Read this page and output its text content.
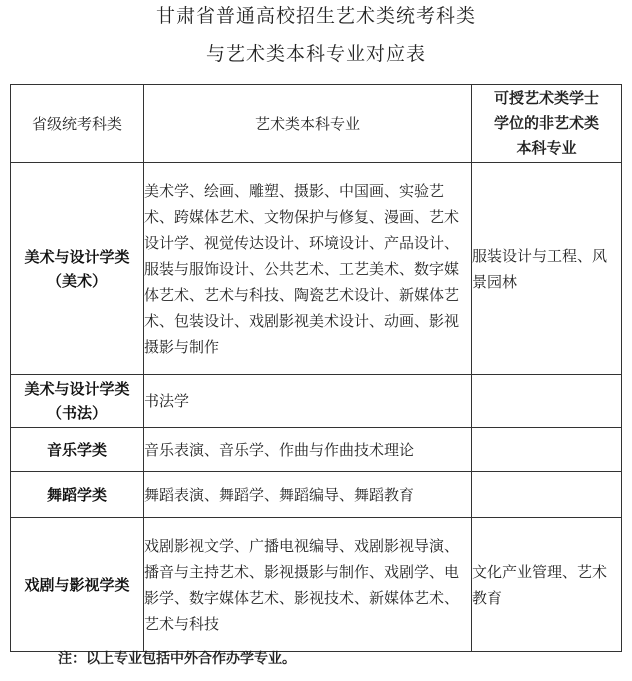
甘肃省普通高校招生艺术类统考科类
与艺术类本科专业对应表
省级统考科类	艺术类本科专业	可授艺术类学士
学位的非艺术类
本科专业

美术与设计学类
（美术）	美术学、绘画、雕塑、摄影、中国画、实验艺术、跨媒体艺术、文物保护与修复、漫画、艺术设计学、视觉传达设计、环境设计、产品设计、服装与服饰设计、公共艺术、工艺美术、数字媒体艺术、艺术与科技、陶瓷艺术设计、新媒体艺术、包装设计、戏剧影视美术设计、动画、影视摄影与制作	服装设计与工程、风景园林

美术与设计学类
（书法）	书法学	

音乐学类	音乐表演、音乐学、作曲与作曲技术理论	

舞蹈学类	舞蹈表演、舞蹈学、舞蹈编导、舞蹈教育	

戏剧与影视学类	戏剧影视文学、广播电视编导、戏剧影视导演、播音与主持艺术、影视摄影与制作、戏剧学、电影学、数字媒体艺术、影视技术、新媒体艺术、艺术与科技	文化产业管理、艺术教育
注：以上专业包括中外合作办学专业。
